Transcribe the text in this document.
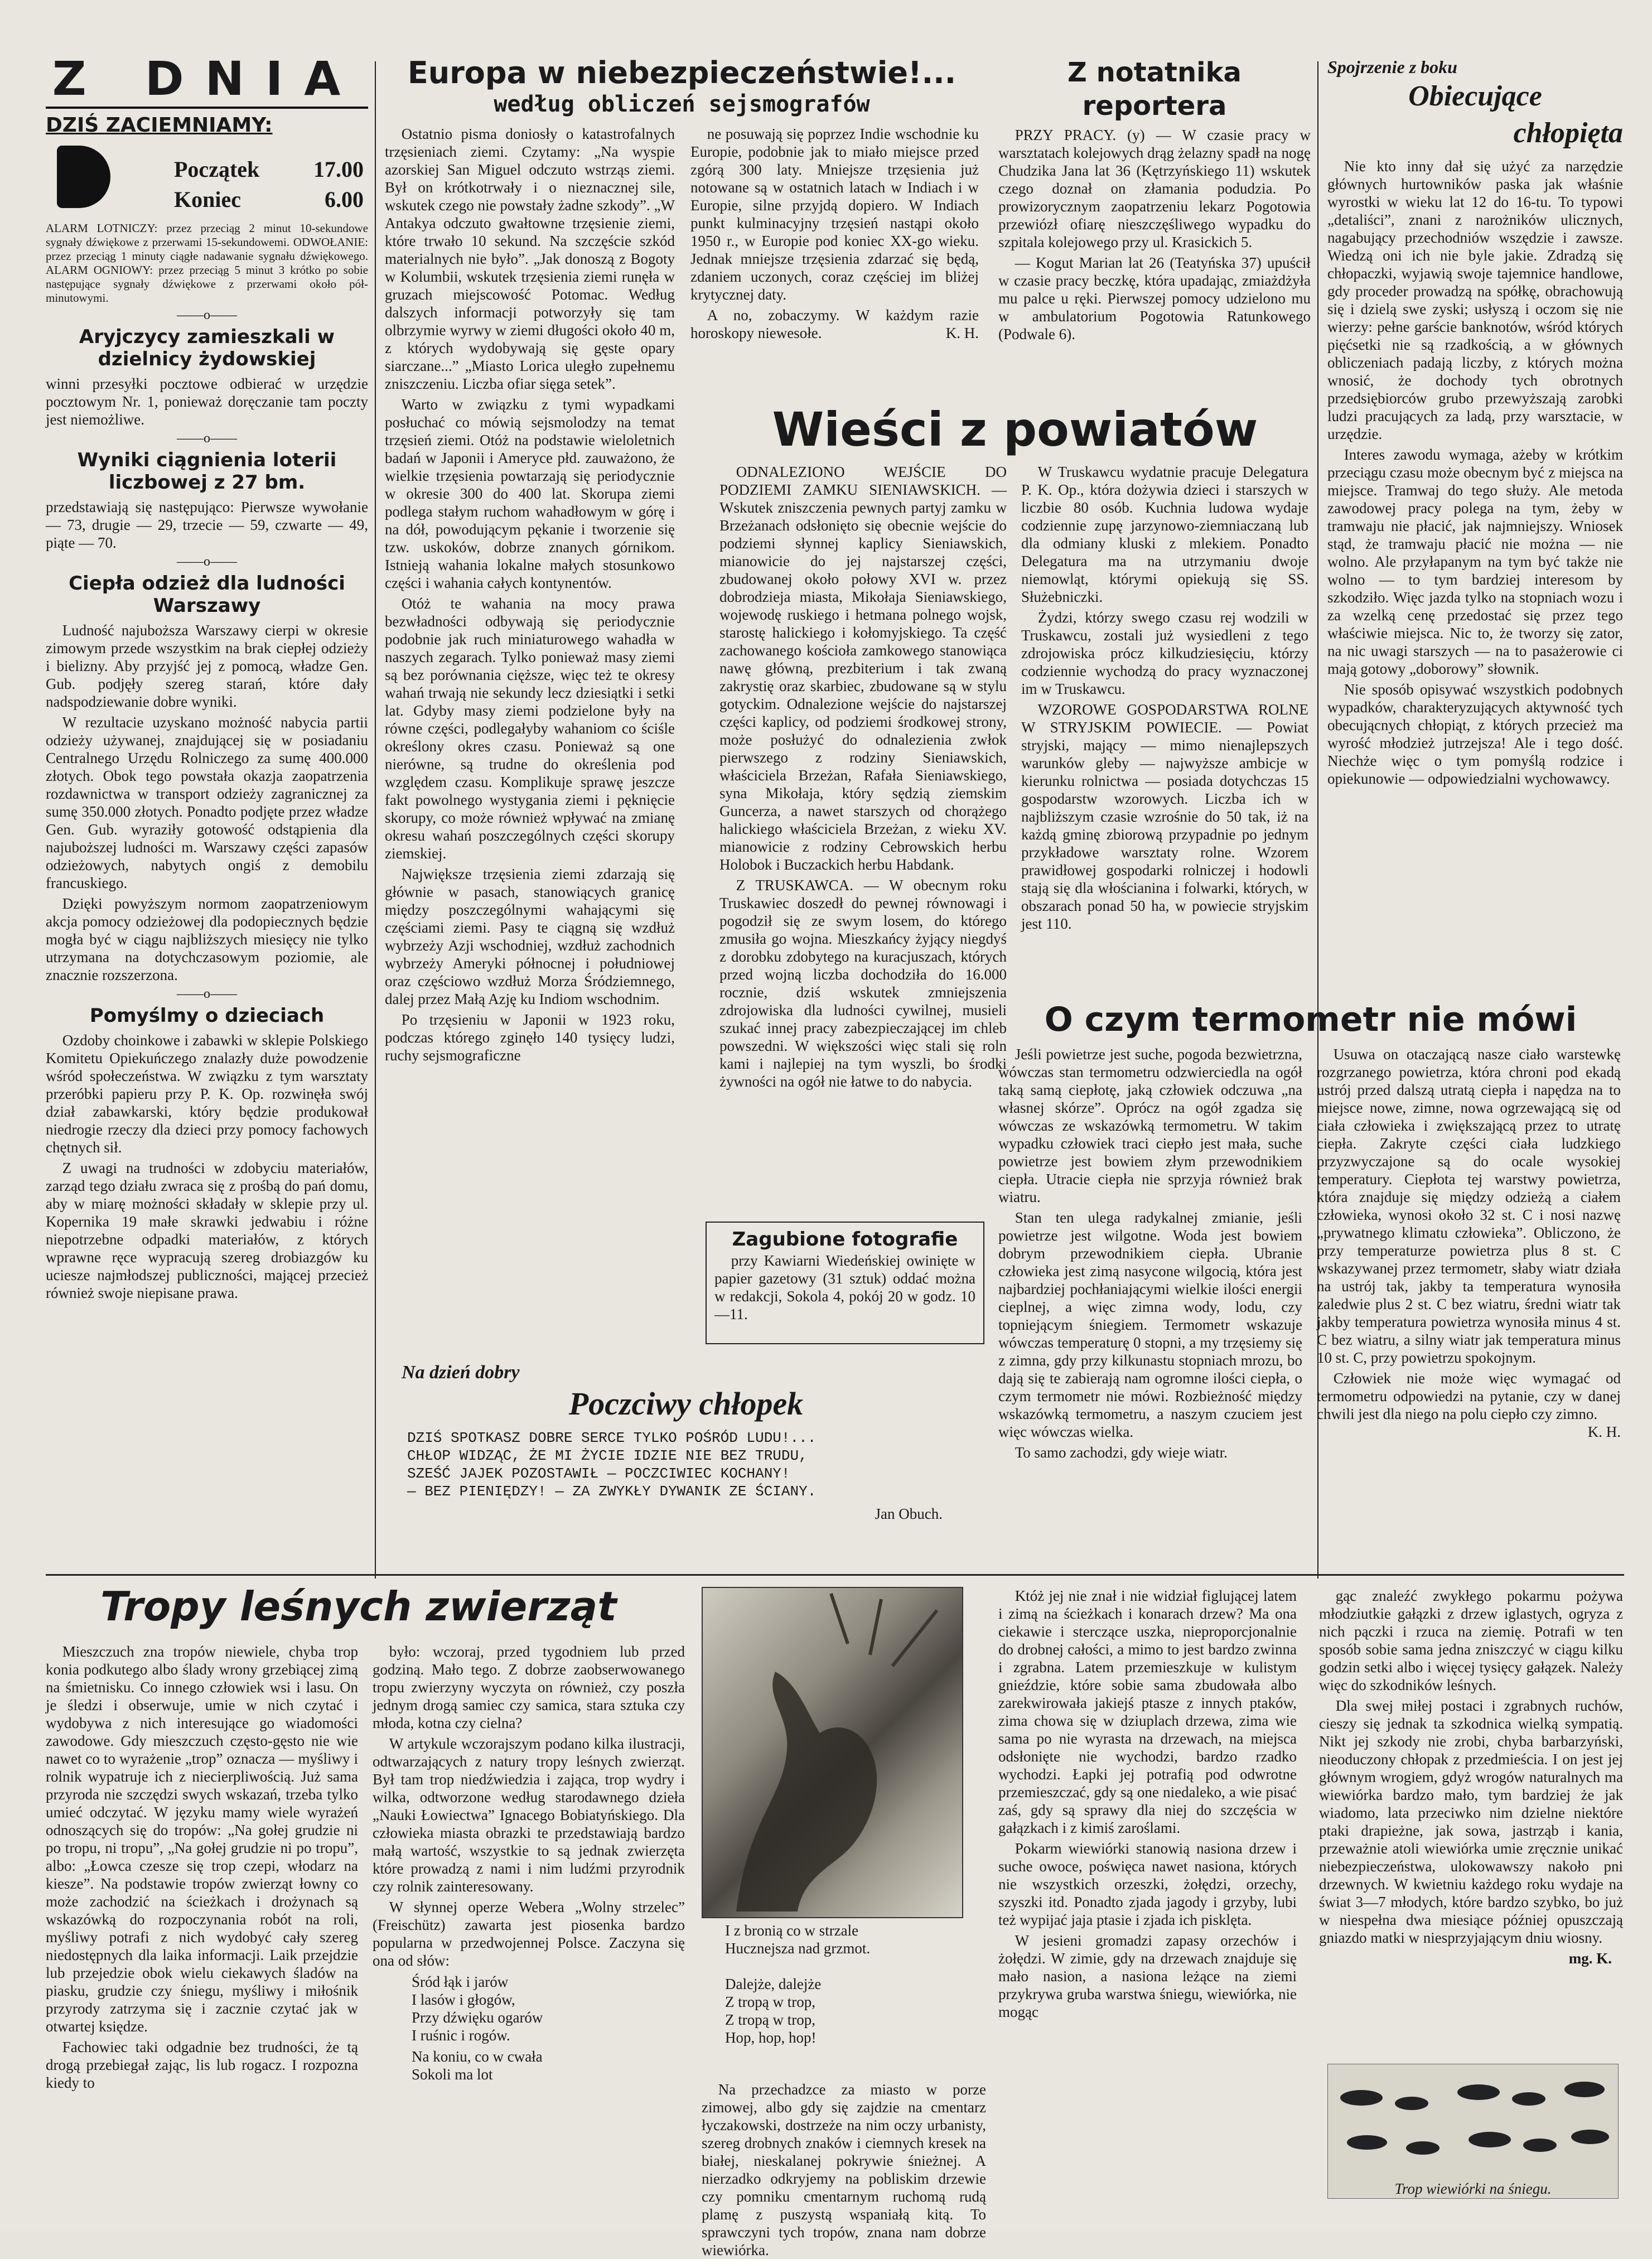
Z DNIA
DZIŚ ZACIEMNIAMY:
Początek 17.00
Koniec	6.00

ALARM LOTNICZY: przez przeciąg 2 minut 10-sekundowe sygnały dźwiękowe z przerwami 15-sekundowemi. ODWOŁANIE: przez przeciąg 1 minuty ciągłe nadawanie sygnału dźwiękowego. ALARM OGNIOWY: przez przeciąg 5 minut 3 krótko po sobie następujące sygnały dźwiękowe z przerwami około pół-minutowymi.

——o——
Aryjczycy zamieszkali w dzielnicy żydowskiej

winni przesyłki pocztowe odbierać w urzędzie pocztowym Nr. 1, ponieważ doręczanie tam poczty jest niemożliwe.

——o——
Wyniki ciągnienia loterii liczbowej z 27 bm.

przedstawiają się następująco: Pierwsze wywołanie — 73, drugie — 29, trzecie — 59, czwarte — 49, piąte — 70.

——o——
Ciepła odzież dla ludności Warszawy

Ludność najuboższa Warszawy cierpi w okresie zimowym przede wszystkim na brak ciepłej odzieży i bielizny. Aby przyjść jej z pomocą, władze Gen. Gub. podjęły szereg starań, które dały nadspodziewanie dobre wyniki.

W rezultacie uzyskano możność nabycia partii odzieży używanej, znajdującej się w posiadaniu Centralnego Urzędu Rolniczego za sumę 400.000 złotych. Obok tego powstała okazja zaopatrzenia rozdawnictwa w transport odzieży zagranicznej za sumę 350.000 złotych. Ponadto podjęte przez władze Gen. Gub. wyraziły gotowość odstąpienia dla najuboższej ludności m. Warszawy części zapasów odzieżowych, nabytych ongiś z demobilu francuskiego.

Dzięki powyższym normom zaopatrzeniowym akcja pomocy odzieżowej dla podopiecznych będzie mogła być w ciągu najbliższych miesięcy nie tylko utrzymana na dotychczasowym poziomie, ale znacznie rozszerzona.

——o——
Pomyślmy o dzieciach

Ozdoby choinkowe i zabawki w sklepie Polskiego Komitetu Opiekuńczego znalazły duże powodzenie wśród społeczeństwa. W związku z tym warsztaty przeróbki papieru przy P. K. Op. rozwinęła swój dział zabawkarski, który będzie produkował niedrogie rzeczy dla dzieci przy pomocy fachowych chętnych sił.

Z uwagi na trudności w zdobyciu materiałów, zarząd tego działu zwraca się z prośbą do pań domu, aby w miarę możności składały w sklepie przy ul. Kopernika 19 małe skrawki jedwabiu i różne niepotrzebne odpadki materiałów, z których wprawne ręce wypracują szereg drobiazgów ku uciesze najmłodszej publiczności, mającej przecież również swoje niepisane prawa.

Europa w niebezpieczeństwie!...
według obliczeń sejsmografów

Ostatnio pisma doniosły o katastrofalnych trzęsieniach ziemi. Czytamy: „Na wyspie azorskiej San Miguel odczuto wstrząs ziemi. Był on krótkotrwały i o nieznacznej sile, wskutek czego nie powstały żadne szkody”. „W Antakya odczuto gwałtowne trzęsienie ziemi, które trwało 10 sekund. Na szczęście szkód materialnych nie było”. „Jak donoszą z Bogoty w Kolumbii, wskutek trzęsienia ziemi runęła w gruzach miejscowość Potomac. Według dalszych informacji potworzyły się tam olbrzymie wyrwy w ziemi długości około 40 m, z których wydobywają się gęste opary siarczane...” „Miasto Lorica uległo zupełnemu zniszczeniu. Liczba ofiar sięga setek”.

Warto w związku z tymi wypadkami posłuchać co mówią sejsmolodzy na temat trzęsień ziemi. Otóż na podstawie wieloletnich badań w Japonii i Ameryce płd. zauważono, że wielkie trzęsienia powtarzają się periodycznie w okresie 300 do 400 lat. Skorupa ziemi podlega stałym ruchom wahadłowym w górę i na dół, powodującym pękanie i tworzenie się tzw. uskoków, dobrze znanych górnikom. Istnieją wahania lokalne małych stosunkowo części i wahania całych kontynentów.

Otóż te wahania na mocy prawa bezwładności odbywają się periodycznie podobnie jak ruch miniaturowego wahadła w naszych zegarach. Tylko ponieważ masy ziemi są bez porównania cięższe, więc też te okresy wahań trwają nie sekundy lecz dziesiątki i setki lat. Gdyby masy ziemi podzielone były na równe części, podlegałyby wahaniom co ściśle określony okres czasu. Ponieważ są one nierówne, są trudne do określenia pod względem czasu. Komplikuje sprawę jeszcze fakt powolnego wystygania ziemi i pęknięcie skorupy, co może również wpływać na zmianę okresu wahań poszczególnych części skorupy ziemskiej.

Największe trzęsienia ziemi zdarzają się głównie w pasach, stanowiących granicę między poszczególnymi wahającymi się częściami ziemi. Pasy te ciągną się wzdłuż wybrzeży Azji wschodniej, wzdłuż zachodnich wybrzeży Ameryki północnej i południowej oraz częściowo wzdłuż Morza Śródziemnego, dalej przez Małą Azję ku Indiom wschodnim.

Po trzęsieniu w Japonii w 1923 roku, podczas którego zginęło 140 tysięcy ludzi, ruchy sejsmograficzne

ne posuwają się poprzez Indie wschodnie ku Europie, podobnie jak to miało miejsce przed zgórą 300 laty. Mniejsze trzęsienia już notowane są w ostatnich latach w Indiach i w Europie, silne przyjdą dopiero. W Indiach punkt kulminacyjny trzęsień nastąpi około 1950 r., w Europie pod koniec XX-go wieku. Jednak mniejsze trzęsienia zdarzać się będą, zdaniem uczonych, coraz częściej im bliżej krytycznej daty.

A no, zobaczymy. W każdym razie horoskopy niewesołe.	K. H.

Z notatnika reportera

PRZY PRACY. (y) — W czasie pracy w warsztatach kolejowych drąg żelazny spadł na nogę Chudzika Jana lat 36 (Kętrzyńskiego 11) wskutek czego doznał on złamania podudzia. Po prowizorycznym zaopatrzeniu lekarz Pogotowia przewiózł ofiarę nieszczęśliwego wypadku do szpitala kolejowego przy ul. Krasickich 5.

— Kogut Marian lat 26 (Teatyńska 37) upuścił w czasie pracy beczkę, która upadając, zmiażdżyła mu palce u ręki. Pierwszej pomocy udzielono mu w ambulatorium Pogotowia Ratunkowego (Podwale 6).

Wieści z powiatów

ODNALEZIONO WEJŚCIE DO PODZIEMI ZAMKU SIENIAWSKICH. — Wskutek zniszczenia pewnych partyj zamku w Brzeżanach odsłonięto się obecnie wejście do podziemi słynnej kaplicy Sieniawskich, mianowicie do jej najstarszej części, zbudowanej około połowy XVI w. przez dobrodzieja miasta, Mikołaja Sieniawskiego, wojewodę ruskiego i hetmana polnego wojsk, starostę halickiego i kołomyjskiego. Ta część zachowanego kościoła zamkowego stanowiąca nawę główną, prezbiterium i tak zwaną zakrystię oraz skarbiec, zbudowane są w stylu gotyckim. Odnalezione wejście do najstarszej części kaplicy, od podziemi środkowej strony, może posłużyć do odnalezienia zwłok pierwszego z rodziny Sieniawskich, właściciela Brzeżan, Rafała Sieniawskiego, syna Mikołaja, który sędzią ziemskim Guncerza, a nawet starszych od chorążego halickiego właściciela Brzeżan, z wieku XV. mianowicie z rodziny Cebrowskich herbu Holobok i Buczackich herbu Habdank.

Z TRUSKAWCA. — W obecnym roku Truskawiec doszedł do pewnej równowagi i pogodził się ze swym losem, do którego zmusiła go wojna. Mieszkańcy żyjący niegdyś z dorobku zdobytego na kuracjuszach, których przed wojną liczba dochodziła do 16.000 rocznie, dziś wskutek zmniejszenia zdrojowiska dla ludności cywilnej, musieli szukać innej pracy zabezpieczającej im chleb powszedni. W większości więc stali się roln kami i najlepiej na tym wyszli, bo środki żywności na ogół nie łatwe to do nabycia.

W Truskawcu wydatnie pracuje Delegatura P. K. Op., która dożywia dzieci i starszych w liczbie 80 osób. Kuchnia ludowa wydaje codziennie zupę jarzynowo-ziemniaczaną lub dla odmiany kluski z mlekiem. Ponadto Delegatura ma na utrzymaniu dwoje niemowląt, którymi opiekują się SS. Służebniczki.

Żydzi, którzy swego czasu rej wodzili w Truskawcu, zostali już wysiedleni z tego zdrojowiska prócz kilkudziesięciu, którzy codziennie wychodzą do pracy wyznaczonej im w Truskawcu.

WZOROWE GOSPODARSTWA ROLNE W STRYJSKIM POWIECIE. — Powiat stryjski, mający — mimo nienajlepszych warunków gleby — najwyższe ambicje w kierunku rolnictwa — posiada dotychczas 15 gospodarstw wzorowych. Liczba ich w najbliższym czasie wzrośnie do 50 tak, iż na każdą gminę zbiorową przypadnie po jednym przykładowe warsztaty rolne. Wzorem prawidłowej gospodarki rolniczej i hodowli stają się dla włościanina i folwarki, których, w obszarach ponad 50 ha, w powiecie stryjskim jest 110.

Zagubione fotografie

przy Kawiarni Wiedeńskiej owinięte w papier gazetowy (31 sztuk) oddać można w redakcji, Sokola 4, pokój 20 w godz. 10—11.

O czym termometr nie mówi

Jeśli powietrze jest suche, pogoda bezwietrzna, wówczas stan termometru odzwierciedla na ogół taką samą ciepłotę, jaką człowiek odczuwa „na własnej skórze”. Oprócz na ogół zgadza się wówczas ze wskazówką termometru. W takim wypadku człowiek traci ciepło jest mała, suche powietrze jest bowiem złym przewodnikiem ciepła. Utracie ciepła nie sprzyja również brak wiatru.

Stan ten ulega radykalnej zmianie, jeśli powietrze jest wilgotne. Woda jest bowiem dobrym przewodnikiem ciepła. Ubranie człowieka jest zimą nasycone wilgocią, która jest najbardziej pochłaniającymi wielkie ilości energii cieplnej, a więc zimna wody, lodu, czy topniejącym śniegiem. Termometr wskazuje wówczas temperaturę 0 stopni, a my trzęsiemy się z zimna, gdy przy kilkunastu stopniach mrozu, bo dają się te zabierają nam ogromne ilości ciepła, o czym termometr nie mówi. Rozbieżność między wskazówką termometru, a naszym czuciem jest więc wówczas wielka.

To samo zachodzi, gdy wieje wiatr.

Usuwa on otaczającą nasze ciało warstewkę rozgrzanego powietrza, która chroni pod ekadą ustrój przed dalszą utratą ciepła i napędza na to miejsce nowe, zimne, nowa ogrzewającą się od ciała człowieka i zwiększającą przez to utratę ciepła. Zakryte części ciała ludzkiego przyzwyczajone są do ocale wysokiej temperatury. Ciepłota tej warstwy powietrza, która znajduje się między odzieżą a ciałem człowieka, wynosi około 32 st. C i nosi nazwę „prywatnego klimatu człowieka”. Obliczono, że przy temperaturze powietrza plus 8 st. C wskazywanej przez termometr, słaby wiatr działa na ustrój tak, jakby ta temperatura wynosiła zaledwie plus 2 st. C bez wiatru, średni wiatr tak jakby temperatura powietrza wynosiła minus 4 st. C bez wiatru, a silny wiatr jak temperatura minus 10 st. C, przy powietrzu spokojnym.

Człowiek nie może więc wymagać od termometru odpowiedzi na pytanie, czy w danej chwili jest dla niego na polu ciepło czy zimno.
K. H.

Spojrzenie z boku
Obiecujące
chłopięta

Nie kto inny dał się użyć za narzędzie głównych hurtowników paska jak właśnie wyrostki w wieku lat 12 do 16-tu. To typowi „detaliści”, znani z narożników ulicznych, nagabujący przechodniów wszędzie i zawsze. Wiedzą oni ich nie byle jakie. Zdradzą się chłopaczki, wyjawią swoje tajemnice handlowe, gdy proceder prowadzą na spółkę, obrachowują się i dzielą swe zyski; usłyszą i oczom się nie wierzy: pełne garście banknotów, wśród których pięćsetki nie są rzadkością, a w głównych obliczeniach padają liczby, z których można wnosić, że dochody tych obrotnych przedsiębiorców grubo przewyższają zarobki ludzi pracujących za ladą, przy warsztacie, w urzędzie.

Interes zawodu wymaga, ażeby w krótkim przeciągu czasu może obecnym być z miejsca na miejsce. Tramwaj do tego służy. Ale metoda zawodowej pracy polega na tym, żeby w tramwaju nie płacić, jak najmniejszy. Wniosek stąd, że tramwaju płacić nie można — nie wolno. Ale przyłapanym na tym być także nie wolno — to tym bardziej interesom by szkodziło. Więc jazda tylko na stopniach wozu i za wzelką cenę przedostać się przez tego właściwie miejsca. Nic to, że tworzy się zator, na nic uwagi starszych — na to pasażerowie ci mają gotowy „doborowy” słownik.

Nie sposób opisywać wszystkich podobnych wypadków, charakteryzujących aktywność tych obecującnych chłopiąt, z których przecież ma wyrość młodzież jutrzejsza! Ale i tego dość. Niechże więc o tym pomyślą rodzice i opiekunowie — odpowiedzialni wychowawcy.

Na dzień dobry
Poczciwy chłopek
DZIŚ SPOTKASZ DOBRE SERCE TYLKO POŚRÓD LUDU!...
CHŁOP WIDZĄC, ŻE MI ŻYCIE IDZIE NIE BEZ TRUDU,
SZEŚĆ JAJEK POZOSTAWIŁ — POCZCIWIEC KOCHANY!
— BEZ PIENIĘDZY! — ZA ZWYKŁY DYWANIK ZE ŚCIANY.
Jan Obuch.
Tropy leśnych zwierząt

Mieszczuch zna tropów niewiele, chyba trop konia podkutego albo ślady wrony grzebiącej zimą na śmietnisku. Co innego człowiek wsi i lasu. On je śledzi i obserwuje, umie w nich czytać i wydobywa z nich interesujące go wiadomości zawodowe. Gdy mieszczuch często-gęsto nie wie nawet co to wyrażenie „trop” oznacza — myśliwy i rolnik wypatruje ich z niecierpliwością. Już sama przyroda nie szczędzi swych wskazań, trzeba tylko umieć odczytać. W języku mamy wiele wyrażeń odnoszących się do tropów: „Na gołej grudzie ni po tropu, ni tropu”, „Na gołej grudzie ni po tropu”, albo: „Łowca czesze się trop czepi, włodarz na kiesze”. Na podstawie tropów zwierząt łowny co może zachodzić na ścieżkach i drożynach są wskazówką do rozpoczynania robót na roli, myśliwy potrafi z nich wydobyć cały szereg niedostępnych dla laika informacji. Laik przejdzie lub przejedzie obok wielu ciekawych śladów na piasku, grudzie czy śniegu, myśliwy i miłośnik przyrody zatrzyma się i zacznie czytać jak w otwartej księdze.

Fachowiec taki odgadnie bez trudności, że tą drogą przebiegał zając, lis lub rogacz. I rozpozna kiedy to

było: wczoraj, przed tygodniem lub przed godziną. Mało tego. Z dobrze zaobserwowanego tropu zwierzyny wyczyta on również, czy poszła jednym drogą samiec czy samica, stara sztuka czy młoda, kotna czy cielna?

W artykule wczorajszym podano kilka ilustracji, odtwarzających z natury tropy leśnych zwierząt. Był tam trop niedźwiedzia i zająca, trop wydry i wilka, odtworzone według starodawnego dzieła „Nauki Łowiectwa” Ignacego Bobiatyńskiego. Dla człowieka miasta obrazki te przedstawiają bardzo małą wartość, wszystkie to są jednak zwierzęta które prowadzą z nami i nim ludźmi przyrodnik czy rolnik zainteresowany.

W słynnej operze Webera „Wolny strzelec” (Freischütz) zawarta jest piosenka bardzo popularna w przedwojennej Polsce. Zaczyna się ona od słów:

Śród łąk i jarów
I lasów i głogów,
Przy dźwięku ogarów
I ruśnic i rogów.
Na koniu, co w cwała
Sokoli ma lot
I z bronią co w strzale
Hucznejsza nad grzmot.

Dalejże, dalejże
Z tropą w trop,
Z tropą w trop,
Hop, hop, hop!

Na przechadzce za miasto w porze zimowej, albo gdy się zajdzie na cmentarz łyczakowski, dostrzeże na nim oczy urbanisty, szereg drobnych znaków i ciemnych kresek na białej, nieskalanej pokrywie śnieżnej. A nierzadko odkryjemy na pobliskim drzewie czy pomniku cmentarnym ruchomą rudą plamę z puszystą wspaniałą kitą. To sprawczyni tych tropów, znana nam dobrze wiewiórka.

Któż jej nie znał i nie widział figlującej latem i zimą na ścieżkach i konarach drzew? Ma ona ciekawie i sterczące uszka, nieproporcjonalnie do drobnej całości, a mimo to jest bardzo zwinna i zgrabna. Latem przemieszkuje w kulistym gnieździe, które sobie sama zbudowała albo zarekwirowała jakiejś ptasze z innych ptaków, zima chowa się w dziuplach drzewa, zima wie sama po nie wyrasta na drzewach, na miejsca odsłonięte nie wychodzi, bardzo rzadko wychodzi. Łapki jej potrafią pod odwrotne przemieszczać, gdy są one niedaleko, a wie pisać zaś, gdy są sprawy dla niej do szczęścia w gałązkach i z kimiś zaroślami.

Pokarm wiewiórki stanowią nasiona drzew i suche owoce, poświęca nawet nasiona, których nie wszystkich orzeszki, żołędzi, orzechy, szyszki itd. Ponadto zjada jagody i grzyby, lubi też wypijać jaja ptasie i zjada ich pisklęta.

W jesieni gromadzi zapasy orzechów i żołędzi. W zimie, gdy na drzewach znajduje się mało nasion, a nasiona leżące na ziemi przykrywa gruba warstwa śniegu, wiewiórka, nie mogąc

gąc znaleźć zwykłego pokarmu pożywa młodziutkie gałązki z drzew iglastych, ogryza z nich pączki i rzuca na ziemię. Potrafi w ten sposób sobie sama jedna zniszczyć w ciągu kilku godzin setki albo i więcej tysięcy gałązek. Należy więc do szkodników leśnych.

Dla swej miłej postaci i zgrabnych ruchów, cieszy się jednak ta szkodnica wielką sympatią. Nikt jej szkody nie zrobi, chyba barbarzyński, nieoduczony chłopak z przedmieścia. I on jest jej głównym wrogiem, gdyż wrogów naturalnych ma wiewiórka bardzo mało, tym bardziej że jak wiadomo, lata przeciwko nim dzielne niektóre ptaki drapieżne, jak sowa, jastrząb i kania, przeważnie atoli wiewiórka umie zręcznie unikać niebezpieczeństwa, ulokowawszy nakoło pni drzewnych. W kwietniu każdego roku wydaje na świat 3—7 młodych, które bardzo szybko, bo już w niespełna dwa miesiące później opuszczają gniazdo matki w niesprzyjającym dniu wiosny.

mg. K.
Trop wiewiórki na śniegu.
